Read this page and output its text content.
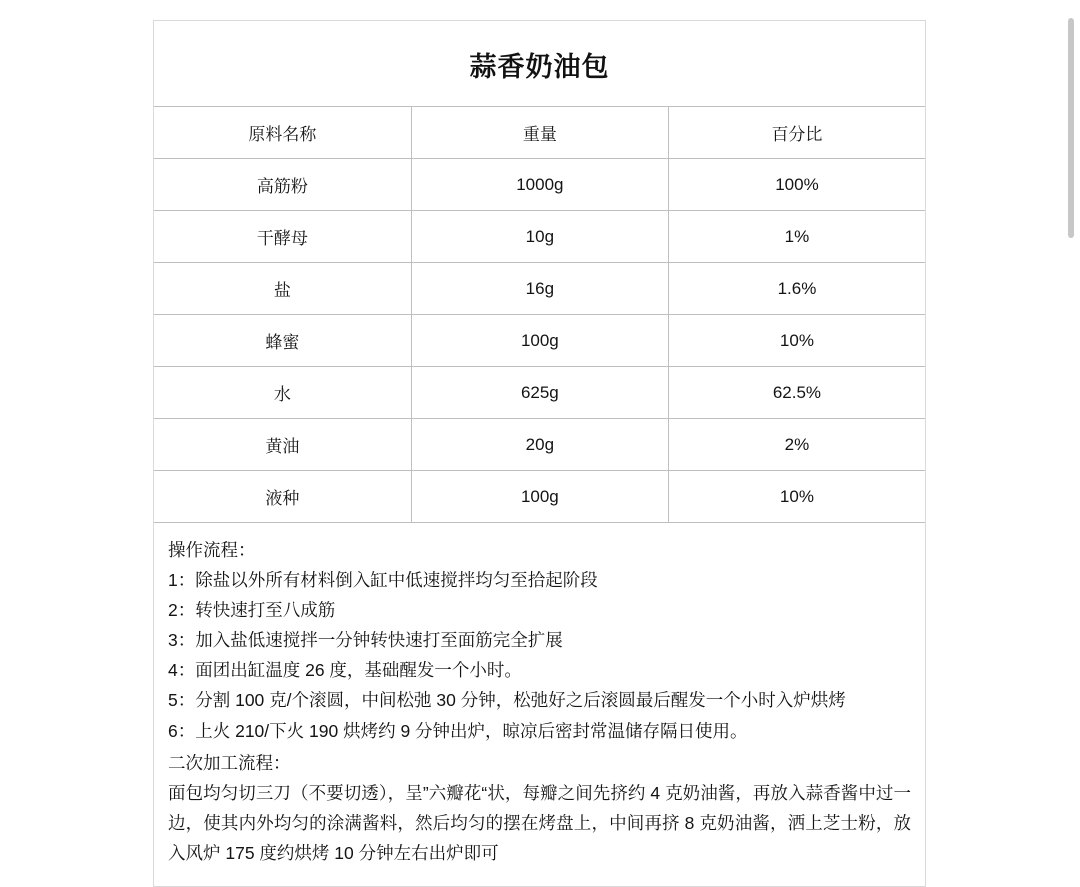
蒜香奶油包
原料名称	重量	百分比
高筋粉	1000g	100%
干酵母	10g	1%
盐	16g	1.6%
蜂蜜	100g	10%
水	625g	62.5%
黄油	20g	2%
液种	100g	10%
操作流程：
1：除盐以外所有材料倒入缸中低速搅拌均匀至拾起阶段
2：转快速打至八成筋
3：加入盐低速搅拌一分钟转快速打至面筋完全扩展
4：面团出缸温度 26 度，基础醒发一个小时。
5：分割 100 克/个滚圆，中间松弛 30 分钟，松弛好之后滚圆最后醒发一个小时入炉烘烤
6：上火 210/下火 190 烘烤约 9 分钟出炉，晾凉后密封常温储存隔日使用。
二次加工流程：
面包均匀切三刀（不要切透），呈”六瓣花“状，每瓣之间先挤约 4 克奶油酱，再放入蒜香酱中过一边，使其内外均匀的涂满酱料，然后均匀的摆在烤盘上，中间再挤 8 克奶油酱，洒上芝士粉，放入风炉 175 度约烘烤 10 分钟左右出炉即可
